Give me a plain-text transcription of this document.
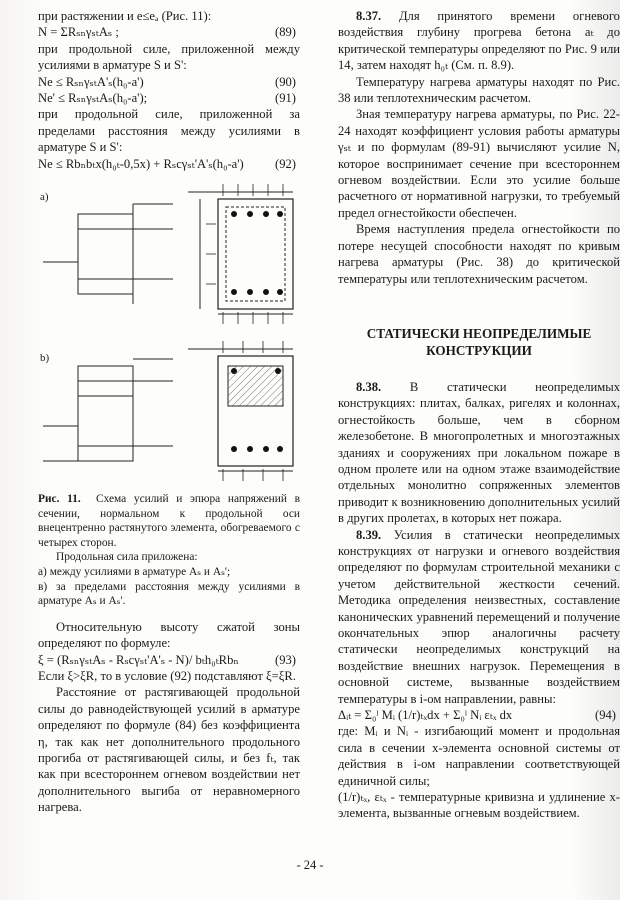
при растяжении и e≤eₐ (Рис. 11):

N = ΣRₛₙγₛₜAₛ ;	(89)

при продольной силе, приложенной между усилиями в арматуре S и S':

Ne ≤ RₛₙγₛₜA'ₛ(h₀-a')	(90)
Ne' ≤ RₛₙγₛₜAₛ(h₀-a');	(91)

при продольной силе, приложенной за пределами расстояния между усилиями в арматуре S и S':

Ne ≤ Rbₙbₜx(h₀ₜ-0,5x) + Rₛcγₛₜ'A'ₛ(h₀-a') (92)
а)
b)

Рис. 11. Схема усилий и эпюра напряжений в сечении, нормальном к продольной оси внецентренно растянутого элемента, обогреваемого с четырех сторон.

Продольная сила приложена:

а) между усилиями в арматуре Aₛ и Aₛ';

в) за пределами расстояния между усилиями в арматуре Aₛ и Aₛ'.

Относительную высоту сжатой зоны определяют по формуле:

ξ = (RₛₙγₛₜAₛ - Rₛcγₛₜ'A'ₛ - N)/ bₜh₀ₜRbₙ	(93)

Если ξ>ξR, то в условие (92) подставляют ξ=ξR.

Расстояние от растягивающей продольной силы до равнодействующей усилий в арматуре определяют по формуле (84) без коэффициента η, так как нет дополнительного продольного прогиба от растягивающей силы, и без fₜ, так как при всестороннем огневом воздействии нет дополнительного выгиба от неравномерного нагрева.

8.37. Для принятого времени огневого воздействия глубину прогрева бетона aₜ до критической температуры определяют по Рис. 9 или 14, затем находят h₀ₜ (См. п. 8.9).

Температуру нагрева арматуры находят по Рис. 38 или теплотехническим расчетом.

Зная температуру нагрева арматуры, по Рис. 22-24 находят коэффициент условия работы арматуры γₛₜ и по формулам (89-91) вычисляют усилие N, которое воспринимает сечение при всестороннем огневом воздействии. Если это усилие больше расчетного от нормативной нагрузки, то требуемый предел огнестойкости обеспечен.

Время наступления предела огнестойкости по потере несущей способности находят по кривым нагрева арматуры (Рис. 38) до критической температуры или теплотехническим расчетом.

СТАТИЧЕСКИ НЕОПРЕДЕЛИМЫЕ КОНСТРУКЦИИ

8.38. В статически неопределимых конструкциях: плитах, балках, ригелях и колоннах, огнестойкость больше, чем в сборном железобетоне. В многопролетных и многоэтажных зданиях и сооружениях при локальном пожаре в одном пролете или на одном этаже взаимодействие отдельных монолитно сопряженных элементов приводит к возникновению дополнительных усилий в других пролетах, в которых нет пожара.

8.39. Усилия в статически неопределимых конструкциях от нагрузки и огневого воздействия определяют по формулам строительной механики с учетом действительной жесткости сечений. Методика определения неизвестных, составление канонических уравнений перемещений и получение окончательных эпюр аналогичны расчету статически неопределимых конструкций на воздействие внешних нагрузок. Перемещения в основной системе, вызванные воздействием температуры в i-ом направлении, равны:

Δᵢₜ = Σ₀ˡ Mᵢ (1/r)ₜₓdx + Σ₀ˡ Nᵢ εₜₓ dx	(94)

где: Mᵢ и Nᵢ - изгибающий момент и продольная сила в сечении x-элемента основной системы от действия в i-ом направлении соответствующей единичной силы;

(1/r)ₜₓ, εₜₓ - температурные кривизна и удлинение x-элемента, вызванные огневым воздействием.

- 24 -
